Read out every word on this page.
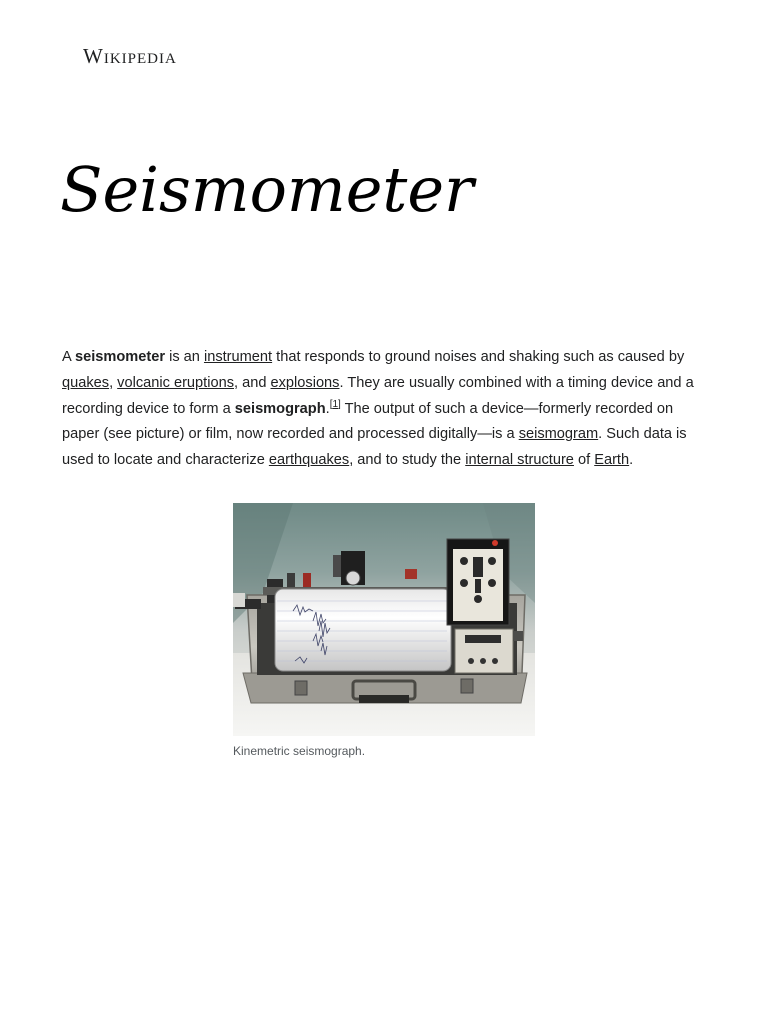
Wikipedia
Seismometer

A seismometer is an instrument that responds to ground noises and shaking such as caused by quakes, volcanic eruptions, and explosions. They are usually combined with a timing device and a recording device to form a seismograph.[1] The output of such a device—formerly recorded on paper (see picture) or film, now recorded and processed digitally—is a seismogram. Such data is used to locate and characterize earthquakes, and to study the internal structure of Earth.

Kinemetric seismograph.
